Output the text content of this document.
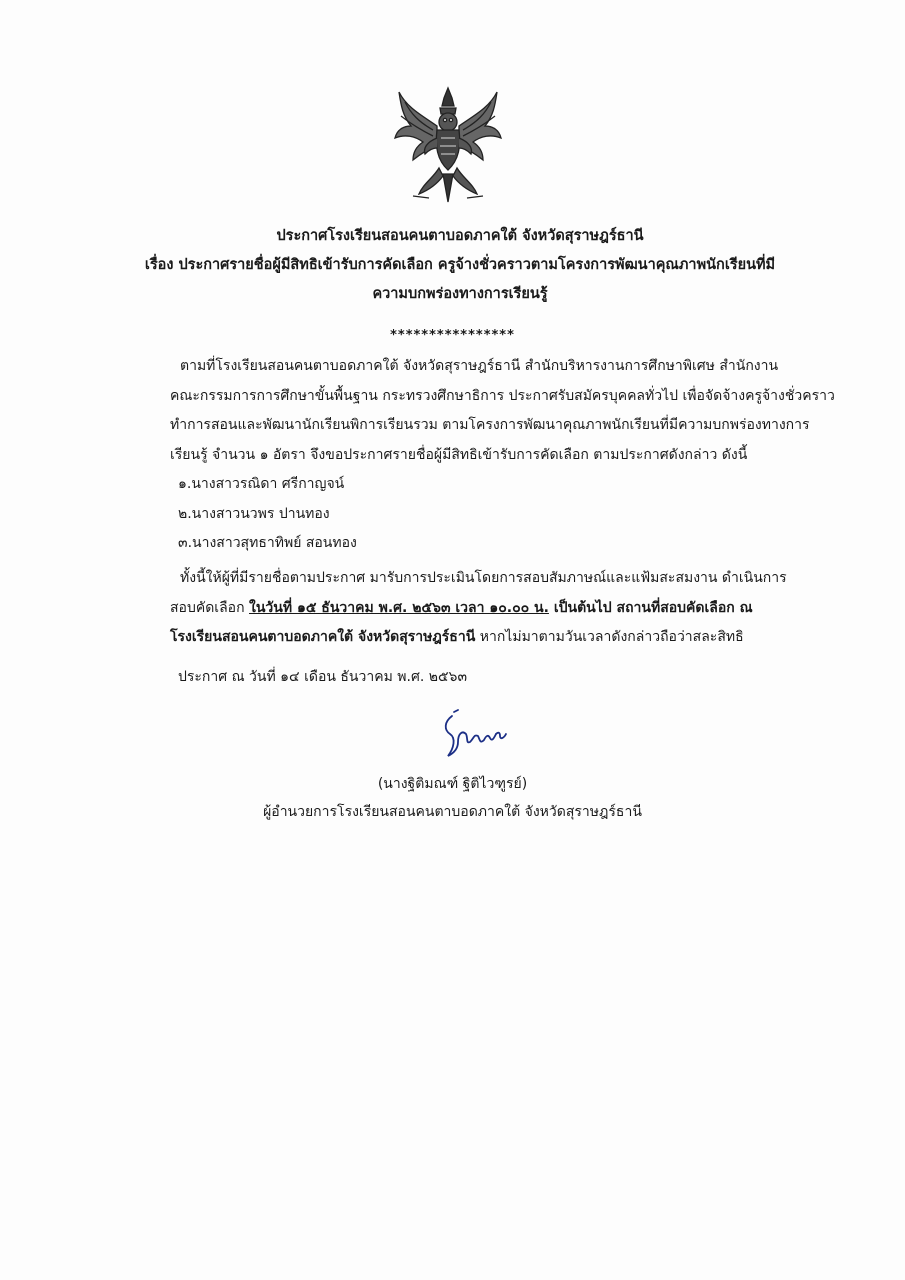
ประกาศโรงเรียนสอนคนตาบอดภาคใต้ จังหวัดสุราษฎร์ธานี
เรื่อง ประกาศรายชื่อผู้มีสิทธิเข้ารับการคัดเลือก ครูจ้างชั่วคราวตามโครงการพัฒนาคุณภาพนักเรียนที่มี
ความบกพร่องทางการเรียนรู้
****************
ตามที่โรงเรียนสอนคนตาบอดภาคใต้ จังหวัดสุราษฎร์ธานี สำนักบริหารงานการศึกษาพิเศษ สำนักงาน
คณะกรรมการการศึกษาขั้นพื้นฐาน กระทรวงศึกษาธิการ ประกาศรับสมัครบุคคลทั่วไป เพื่อจัดจ้างครูจ้างชั่วคราว
ทำการสอนและพัฒนานักเรียนพิการเรียนรวม ตามโครงการพัฒนาคุณภาพนักเรียนที่มีความบกพร่องทางการ
เรียนรู้ จำนวน ๑ อัตรา จึงขอประกาศรายชื่อผู้มีสิทธิเข้ารับการคัดเลือก ตามประกาศดังกล่าว ดังนี้
๑.นางสาวรณิดา ศรีกาญจน์
๒.นางสาวนวพร ปานทอง
๓.นางสาวสุทธาทิพย์ สอนทอง
ทั้งนี้ให้ผู้ที่มีรายชื่อตามประกาศ มารับการประเมินโดยการสอบสัมภาษณ์และแฟ้มสะสมงาน ดำเนินการ
สอบคัดเลือก ในวันที่ ๑๕ ธันวาคม พ.ศ. ๒๕๖๓ เวลา ๑๐.๐๐ น. เป็นต้นไป สถานที่สอบคัดเลือก ณ
โรงเรียนสอนคนตาบอดภาคใต้ จังหวัดสุราษฎร์ธานี หากไม่มาตามวันเวลาดังกล่าวถือว่าสละสิทธิ
ประกาศ ณ วันที่ ๑๔ เดือน ธันวาคม พ.ศ. ๒๕๖๓
(นางฐิติมณฑ์ ฐิติไวฑูรย์)
ผู้อำนวยการโรงเรียนสอนคนตาบอดภาคใต้ จังหวัดสุราษฎร์ธานี
